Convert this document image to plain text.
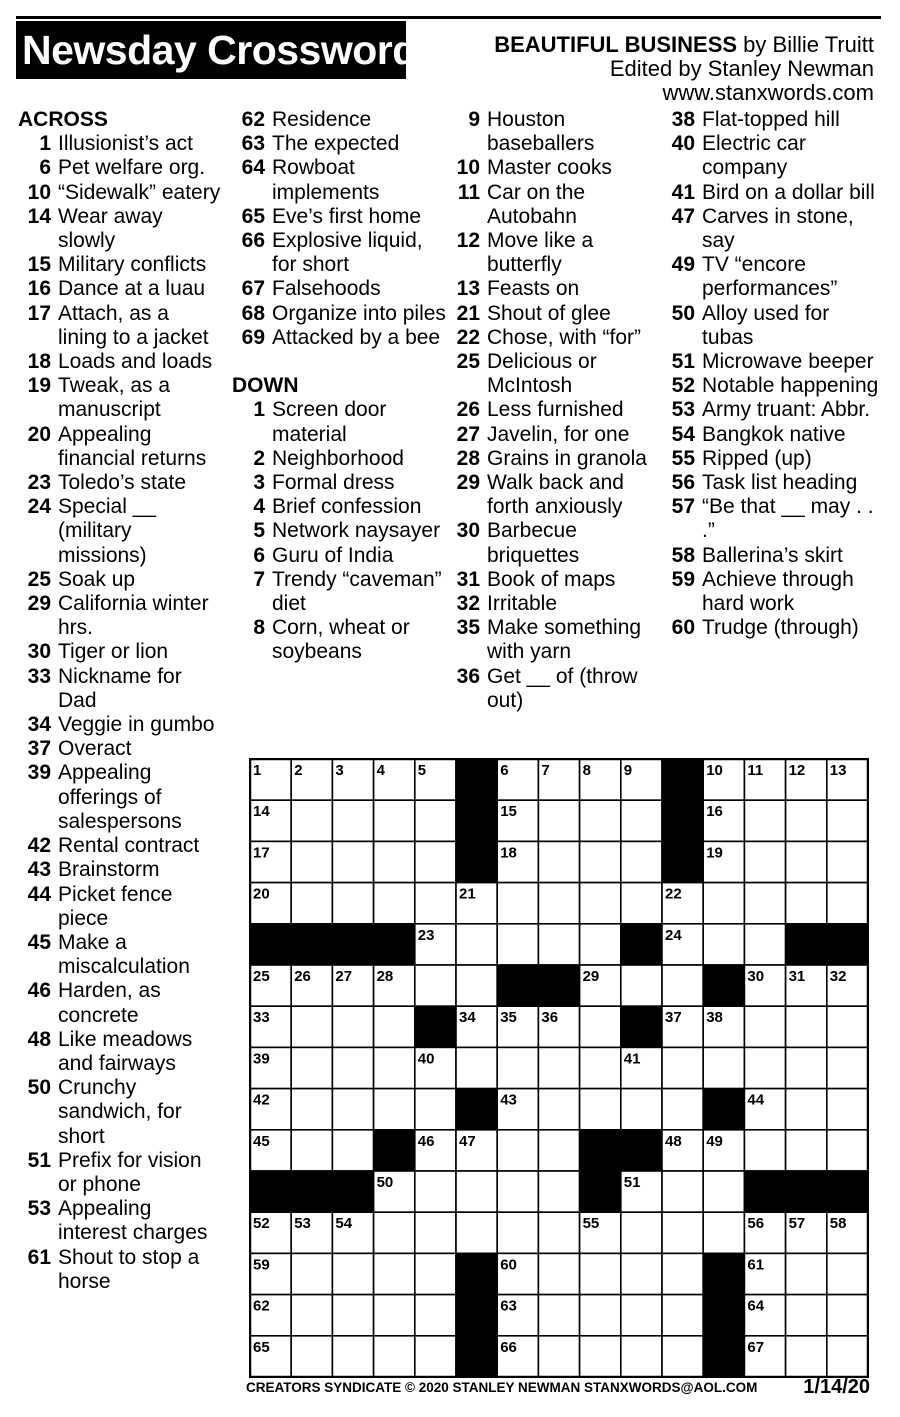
Newsday Crossword	BEAUTIFUL BUSINESS by Billie Truitt
Edited by Stanley Newman
www.stanxwords.com
ACROSS
1 Illusionist’s act
6 Pet welfare org.
10 “Sidewalk” eatery
14 Wear away slowly
15 Military conflicts
16 Dance at a luau
17 Attach, as a lining to a jacket
18 Loads and loads
19 Tweak, as a manuscript
20 Appealing financial returns
23 Toledo’s state
24 Special __ (military missions)
25 Soak up
29 California winter hrs.
30 Tiger or lion
33 Nickname for Dad
34 Veggie in gumbo
37 Overact
39 Appealing offerings of salespersons
42 Rental contract
43 Brainstorm
44 Picket fence piece
45 Make a miscalculation
46 Harden, as concrete
48 Like meadows and fairways
50 Crunchy sandwich, for short
51 Prefix for vision or phone
53 Appealing interest charges
61 Shout to stop a horse
62 Residence
63 The expected
64 Rowboat implements
65 Eve’s first home
66 Explosive liquid, for short
67 Falsehoods
68 Organize into piles
69 Attacked by a bee
DOWN
1 Screen door material
2 Neighborhood
3 Formal dress
4 Brief confession
5 Network naysayer
6 Guru of India
7 Trendy “caveman” diet
8 Corn, wheat or soybeans
9 Houston baseballers
10 Master cooks
11 Car on the Autobahn
12 Move like a butterfly
13 Feasts on
21 Shout of glee
22 Chose, with “for”
25 Delicious or McIntosh
26 Less furnished
27 Javelin, for one
28 Grains in granola
29 Walk back and forth anxiously
30 Barbecue briquettes
31 Book of maps
32 Irritable
35 Make something with yarn
36 Get __ of (throw out)
38 Flat-topped hill
40 Electric car company
41 Bird on a dollar bill
47 Carves in stone, say
49 TV “encore performances”
50 Alloy used for tubas
51 Microwave beeper
52 Notable happening
53 Army truant: Abbr.
54 Bangkok native
55 Ripped (up)
56 Task list heading
57 “Be that __ may . . .”
58 Ballerina’s skirt
59 Achieve through hard work
60 Trudge (through)
1 2 3 4 5	6 7 8 9	10 11 12 13
14	15	16
17	18	19
20	21	22
23	24
25 26 27 28	29	30 31 32
33	34 35 36	37 38
39	40	41
42	43	44
45	46 47	48 49
50	51
52 53 54	55	56 57 58
59	60	61
62	63	64
65	66	67
CREATORS SYNDICATE © 2020 STANLEY NEWMAN STANXWORDS@AOL.COM 1/14/20
